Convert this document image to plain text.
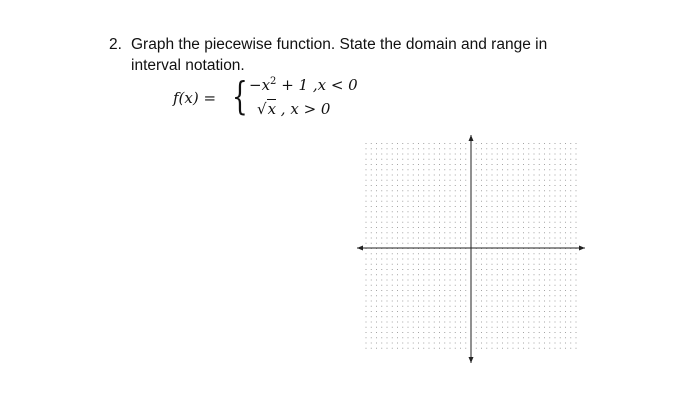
2. Graph the piecewise function. State the domain and range in
interval notation.
f(x) = { $-x^2 + 1$ ,x < 0
√x , x > 0
